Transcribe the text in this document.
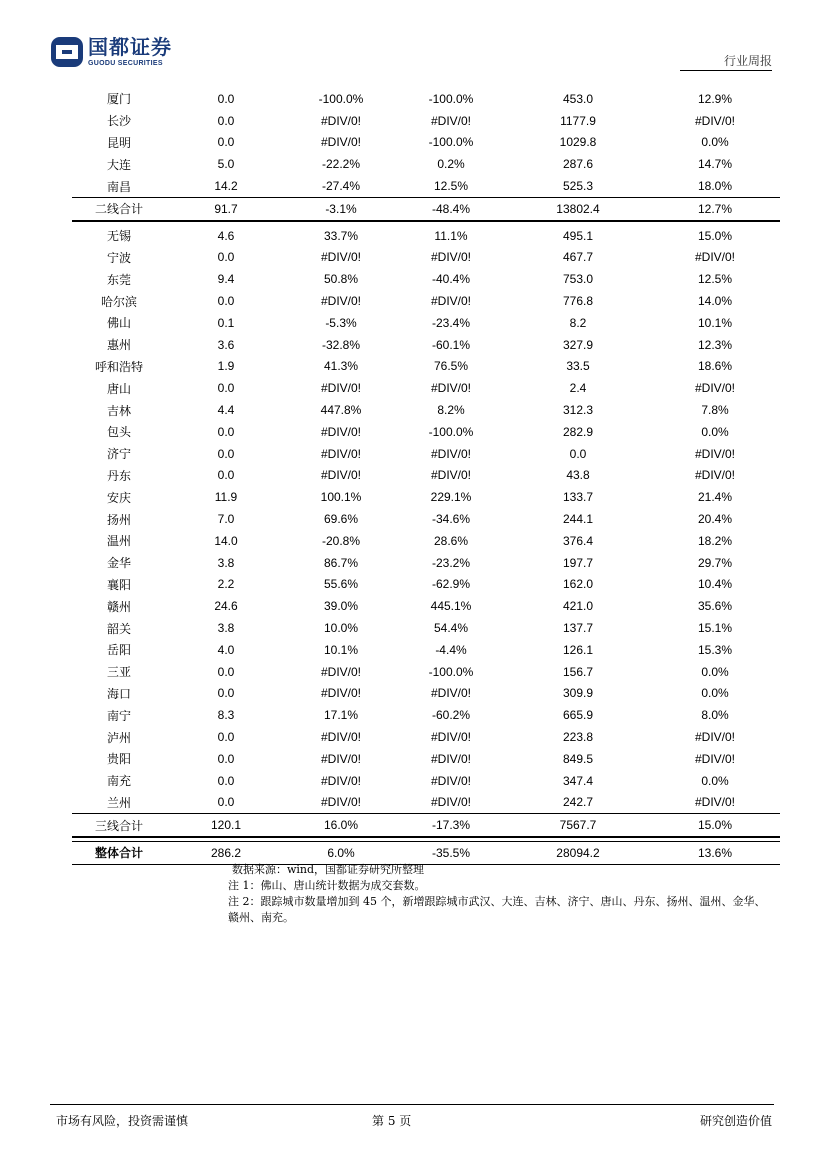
国都证券
GUODU SECURITIES	行业周报
厦门	0.0	-100.0%	-100.0%	453.0	12.9%
长沙	0.0	#DIV/0!	#DIV/0!	1177.9	#DIV/0!
昆明	0.0	#DIV/0!	-100.0%	1029.8	0.0%
大连	5.0	-22.2%	0.2%	287.6	14.7%
南昌	14.2	-27.4%	12.5%	525.3	18.0%
二线合计	91.7	-3.1%	-48.4%	13802.4	12.7%

无锡	4.6	33.7%	11.1%	495.1	15.0%
宁波	0.0	#DIV/0!	#DIV/0!	467.7	#DIV/0!
东莞	9.4	50.8%	-40.4%	753.0	12.5%
哈尔滨	0.0	#DIV/0!	#DIV/0!	776.8	14.0%
佛山	0.1	-5.3%	-23.4%	8.2	10.1%
惠州	3.6	-32.8%	-60.1%	327.9	12.3%
呼和浩特	1.9	41.3%	76.5%	33.5	18.6%
唐山	0.0	#DIV/0!	#DIV/0!	2.4	#DIV/0!
吉林	4.4	447.8%	8.2%	312.3	7.8%
包头	0.0	#DIV/0!	-100.0%	282.9	0.0%
济宁	0.0	#DIV/0!	#DIV/0!	0.0	#DIV/0!
丹东	0.0	#DIV/0!	#DIV/0!	43.8	#DIV/0!
安庆	11.9	100.1%	229.1%	133.7	21.4%
扬州	7.0	69.6%	-34.6%	244.1	20.4%
温州	14.0	-20.8%	28.6%	376.4	18.2%
金华	3.8	86.7%	-23.2%	197.7	29.7%
襄阳	2.2	55.6%	-62.9%	162.0	10.4%
赣州	24.6	39.0%	445.1%	421.0	35.6%
韶关	3.8	10.0%	54.4%	137.7	15.1%
岳阳	4.0	10.1%	-4.4%	126.1	15.3%
三亚	0.0	#DIV/0!	-100.0%	156.7	0.0%
海口	0.0	#DIV/0!	#DIV/0!	309.9	0.0%
南宁	8.3	17.1%	-60.2%	665.9	8.0%
泸州	0.0	#DIV/0!	#DIV/0!	223.8	#DIV/0!
贵阳	0.0	#DIV/0!	#DIV/0!	849.5	#DIV/0!
南充	0.0	#DIV/0!	#DIV/0!	347.4	0.0%
兰州	0.0	#DIV/0!	#DIV/0!	242.7	#DIV/0!
三线合计	120.1	16.0%	-17.3%	7567.7	15.0%

整体合计	286.2	6.0%	-35.5%	28094.2	13.6%
数据来源：wind，国都证券研究所整理
注 1：佛山、唐山统计数据为成交套数。
注 2：跟踪城市数量增加到 45 个，新增跟踪城市武汉、大连、吉林、济宁、唐山、丹东、扬州、温州、金华、赣州、南充。
市场有风险，投资需谨慎	第 5 页	研究创造价值
